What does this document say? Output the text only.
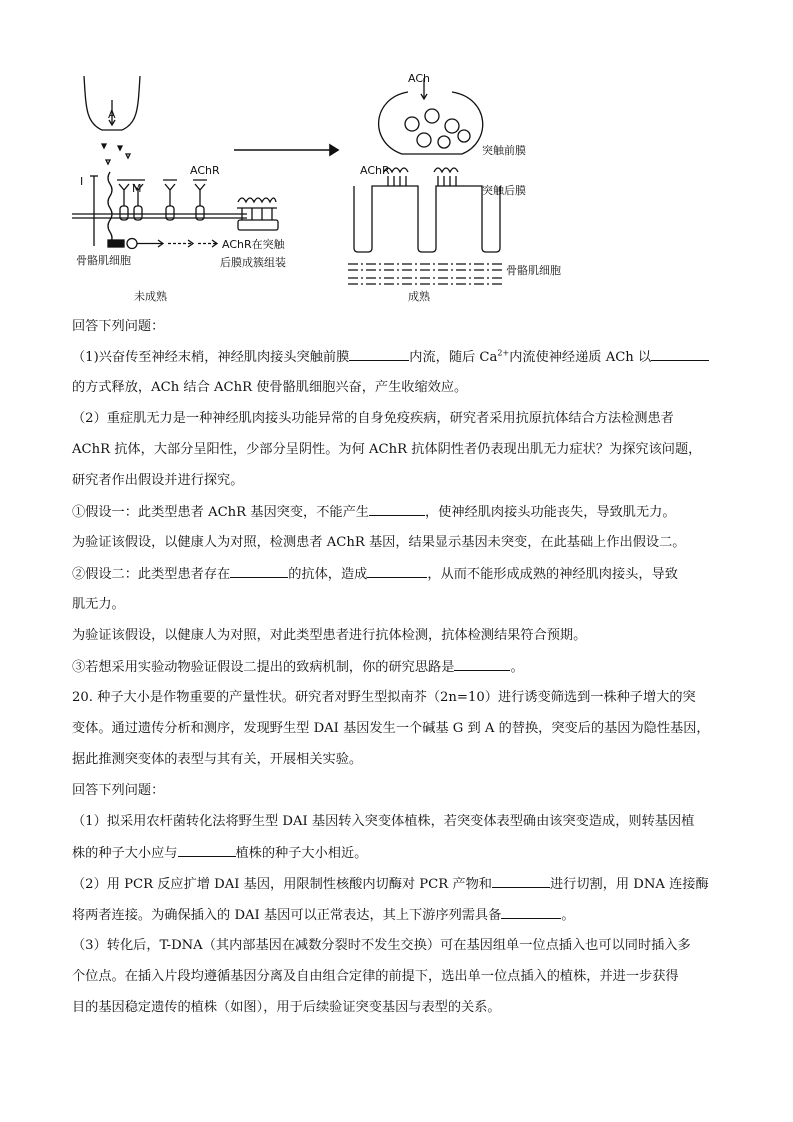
A
I
M
AChR
骨骼肌细胞
AChR在突触
后膜成簇组装
未成熟
ACh
突触前膜
AChR
突触后膜
骨骼肌细胞
成熟
回答下列问题：
（1)兴奋传至神经末梢，神经肌肉接头突触前膜	内流，随后 $Ca^{2+}$内流使神经递质 ACh 以
的方式释放，ACh 结合 AChR 使骨骼肌细胞兴奋，产生收缩效应。
（2）重症肌无力是一种神经肌肉接头功能异常的自身免疫疾病，研究者采用抗原抗体结合方法检测患者
AChR 抗体，大部分呈阳性，少部分呈阴性。为何 AChR 抗体阴性者仍表现出肌无力症状？为探究该问题，
研究者作出假设并进行探究。
①假设一：此类型患者 AChR 基因突变，不能产生	，使神经肌肉接头功能丧失，导致肌无力。
为验证该假设，以健康人为对照，检测患者 AChR 基因，结果显示基因未突变，在此基础上作出假设二。
②假设二：此类型患者存在	的抗体，造成	，从而不能形成成熟的神经肌肉接头，导致
肌无力。
为验证该假设，以健康人为对照，对此类型患者进行抗体检测，抗体检测结果符合预期。
③若想采用实验动物验证假设二提出的致病机制，你的研究思路是	。
20. 种子大小是作物重要的产量性状。研究者对野生型拟南芥（2n=10）进行诱变筛选到一株种子增大的突
变体。通过遗传分析和测序，发现野生型 DAI 基因发生一个碱基 G 到 A 的替换，突变后的基因为隐性基因，
据此推测突变体的表型与其有关，开展相关实验。
回答下列问题：
（1）拟采用农杆菌转化法将野生型 DAI 基因转入突变体植株，若突变体表型确由该突变造成，则转基因植
株的种子大小应与	植株的种子大小相近。
（2）用 PCR 反应扩增 DAI 基因，用限制性核酸内切酶对 PCR 产物和	进行切割，用 DNA 连接酶
将两者连接。为确保插入的 DAI 基因可以正常表达，其上下游序列需具备	。
（3）转化后，T-DNA（其内部基因在减数分裂时不发生交换）可在基因组单一位点插入也可以同时插入多
个位点。在插入片段均遵循基因分离及自由组合定律的前提下，选出单一位点插入的植株，并进一步获得
目的基因稳定遗传的植株（如图），用于后续验证突变基因与表型的关系。
